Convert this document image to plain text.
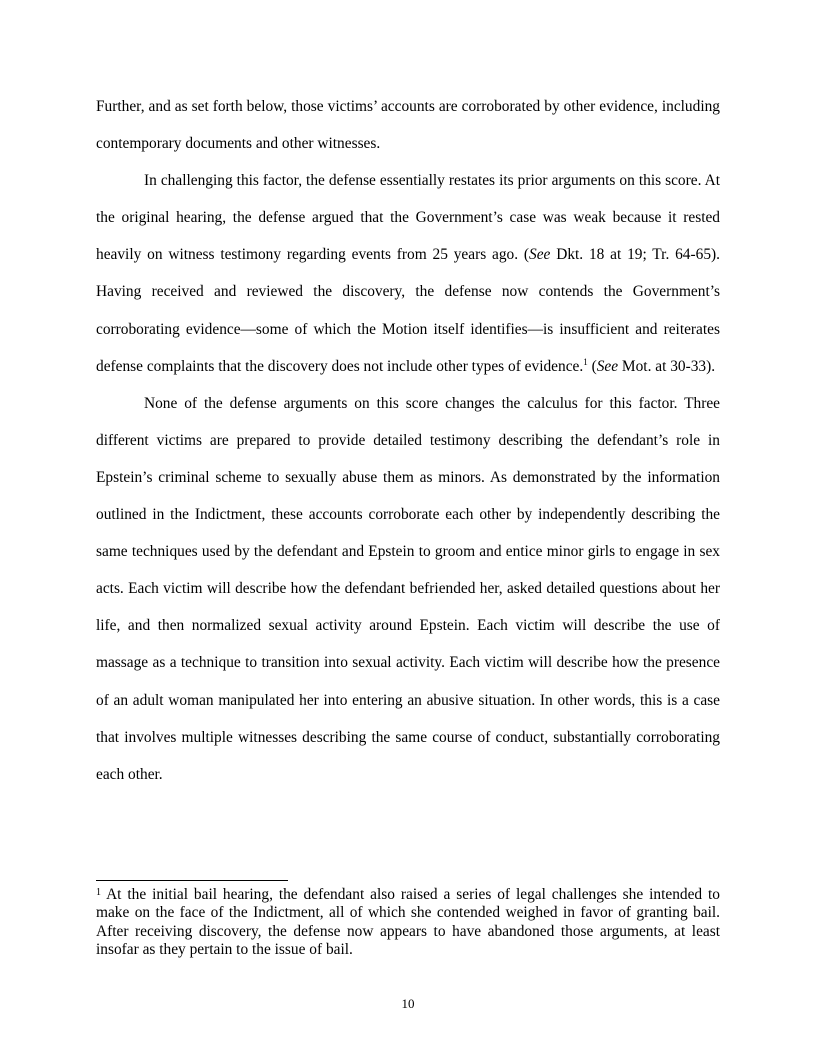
Further, and as set forth below, those victims’ accounts are corroborated by other evidence, including contemporary documents and other witnesses.

In challenging this factor, the defense essentially restates its prior arguments on this score. At the original hearing, the defense argued that the Government’s case was weak because it rested heavily on witness testimony regarding events from 25 years ago. (See Dkt. 18 at 19; Tr. 64-65). Having received and reviewed the discovery, the defense now contends the Government’s corroborating evidence—some of which the Motion itself identifies—is insufficient and reiterates defense complaints that the discovery does not include other types of evidence.$^1$ (See Mot. at 30-33).

None of the defense arguments on this score changes the calculus for this factor. Three different victims are prepared to provide detailed testimony describing the defendant’s role in Epstein’s criminal scheme to sexually abuse them as minors. As demonstrated by the information outlined in the Indictment, these accounts corroborate each other by independently describing the same techniques used by the defendant and Epstein to groom and entice minor girls to engage in sex acts. Each victim will describe how the defendant befriended her, asked detailed questions about her life, and then normalized sexual activity around Epstein. Each victim will describe the use of massage as a technique to transition into sexual activity. Each victim will describe how the presence of an adult woman manipulated her into entering an abusive situation. In other words, this is a case that involves multiple witnesses describing the same course of conduct, substantially corroborating each other.

$^1$ At the initial bail hearing, the defendant also raised a series of legal challenges she intended to make on the face of the Indictment, all of which she contended weighed in favor of granting bail. After receiving discovery, the defense now appears to have abandoned those arguments, at least insofar as they pertain to the issue of bail.

10
